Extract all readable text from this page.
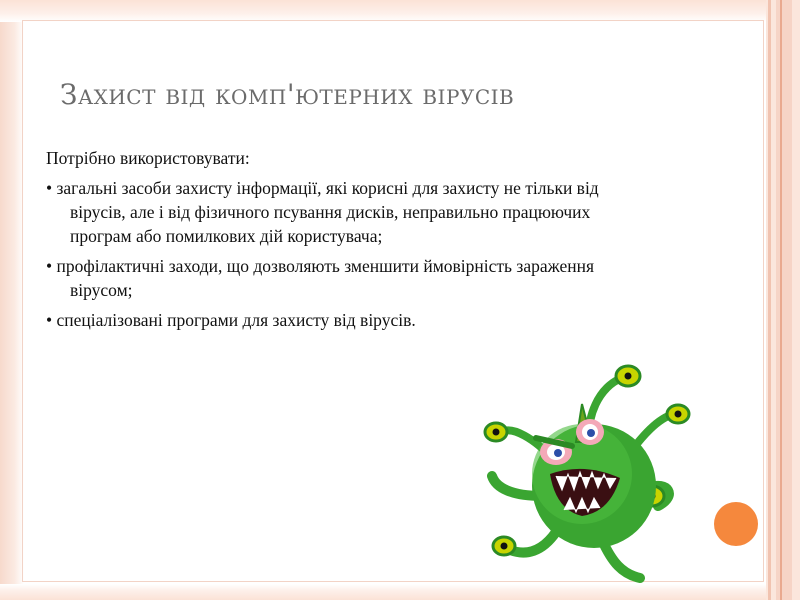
Захист від комп'ютерних вірусів

Потрібно використовувати:

• загальні засоби захисту інформації, які корисні для захисту не тільки від вірусів, але і від фізичного псування дисків, неправильно працюючих програм або помилкових дій користувача;

• профілактичні заходи, що дозволяють зменшити ймовірність зараження вірусом;

• спеціалізовані програми для захисту від вірусів.
